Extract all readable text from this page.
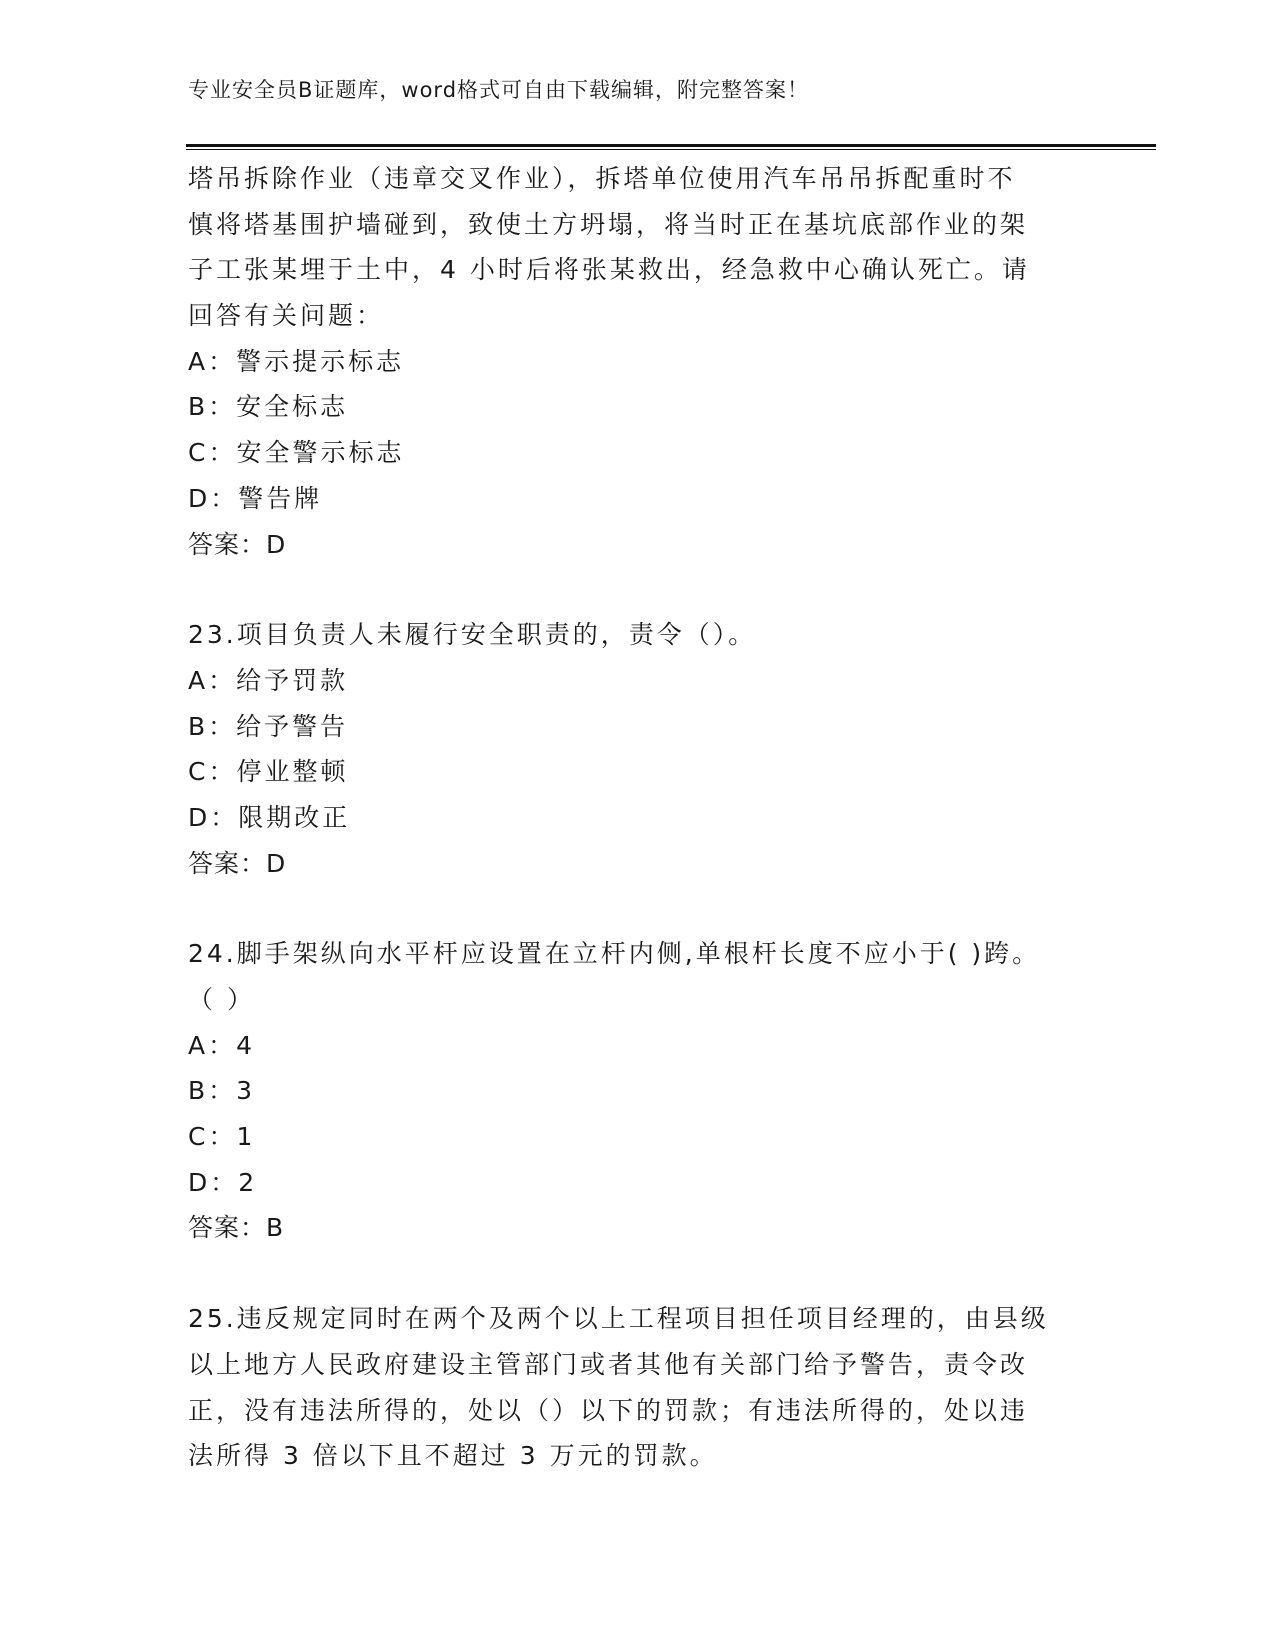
专业安全员B证题库，word格式可自由下载编辑，附完整答案！
塔吊拆除作业（违章交叉作业），拆塔单位使用汽车吊吊拆配重时不
慎将塔基围护墙碰到，致使土方坍塌，将当时正在基坑底部作业的架
子工张某埋于土中，4 小时后将张某救出，经急救中心确认死亡。请
回答有关问题：
A：警示提示标志
B：安全标志
C：安全警示标志
D：警告牌
答案：D
23.项目负责人未履行安全职责的，责令（）。
A：给予罚款
B：给予警告
C：停业整顿
D：限期改正
答案：D
24.脚手架纵向水平杆应设置在立杆内侧,单根杆长度不应小于( )跨。
（ ）
A：4
B：3
C：1
D：2
答案：B
25.违反规定同时在两个及两个以上工程项目担任项目经理的，由县级
以上地方人民政府建设主管部门或者其他有关部门给予警告，责令改
正，没有违法所得的，处以（）以下的罚款；有违法所得的，处以违
法所得 3 倍以下且不超过 3 万元的罚款。
